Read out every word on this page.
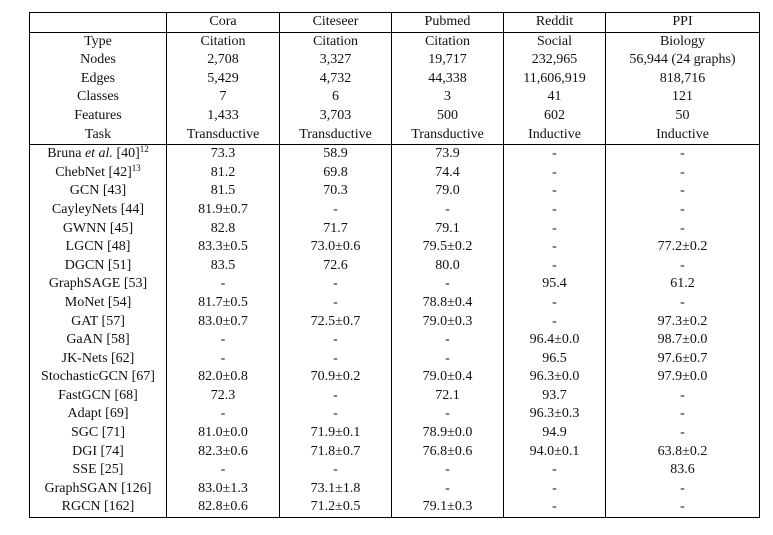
	Cora	Citeseer	Pubmed	Reddit	PPI
Type	Citation	Citation	Citation	Social	Biology
Nodes	2,708	3,327	19,717	232,965	56,944 (24 graphs)
Edges	5,429	4,732	44,338	11,606,919	818,716
Classes	7	6	3	41	121
Features	1,433	3,703	500	602	50
Task	Transductive	Transductive	Transductive	Inductive	Inductive
Bruna et al. $[40]^{12}$	73.3	58.9	73.9	-	-
ChebNet $[42]^{13}$	81.2	69.8	74.4	-	-
GCN [43]	81.5	70.3	79.0	-	-
CayleyNets [44]	81.9±0.7	-	-	-	-
GWNN [45]	82.8	71.7	79.1	-	-
LGCN [48]	83.3±0.5	73.0±0.6	79.5±0.2	-	77.2±0.2
DGCN [51]	83.5	72.6	80.0	-	-
GraphSAGE [53]	-	-	-	95.4	61.2
MoNet [54]	81.7±0.5	-	78.8±0.4	-	-
GAT [57]	83.0±0.7	72.5±0.7	79.0±0.3	-	97.3±0.2
GaAN [58]	-	-	-	96.4±0.0	98.7±0.0
JK-Nets [62]	-	-	-	96.5	97.6±0.7
StochasticGCN [67]	82.0±0.8	70.9±0.2	79.0±0.4	96.3±0.0	97.9±0.0
FastGCN [68]	72.3	-	72.1	93.7	-
Adapt [69]	-	-	-	96.3±0.3	-
SGC [71]	81.0±0.0	71.9±0.1	78.9±0.0	94.9	-
DGI [74]	82.3±0.6	71.8±0.7	76.8±0.6	94.0±0.1	63.8±0.2
SSE [25]	-	-	-	-	83.6
GraphSGAN [126]	83.0±1.3	73.1±1.8	-	-	-
RGCN [162]	82.8±0.6	71.2±0.5	79.1±0.3	-	-
